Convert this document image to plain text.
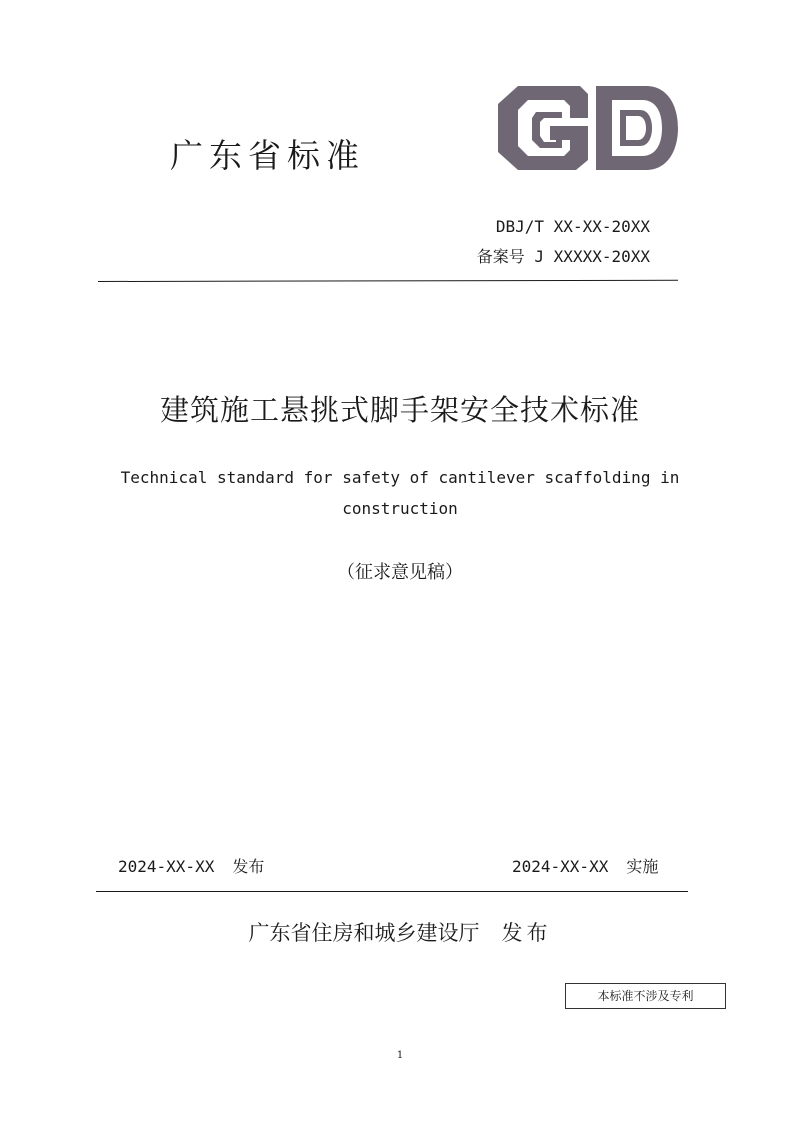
广东省标准
DBJ/T XX-XX-20XX
备案号 J XXXXX-20XX
建筑施工悬挑式脚手架安全技术标准
Technical standard for safety of cantilever scaffolding in construction
（征求意见稿）
2024-XX-XX 发布	2024-XX-XX 实施
广东省住房和城乡建设厅 发布
本标准不涉及专利
1
